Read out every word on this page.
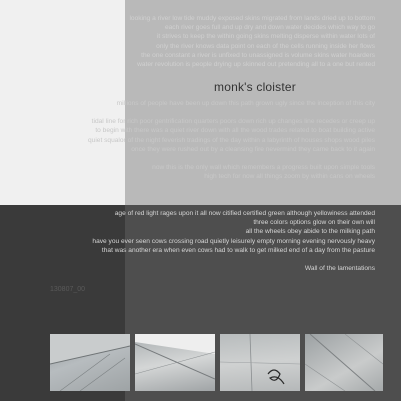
looking a river low tide muddy exposed skins migrated from lands dried up to bottom

each river goes full and up dry and down water decides which way to go

it strives to keep the within going skins melting disperse within water lots of

only the river knows data point on each of the cells running inside her flows

the one constant a river is unfixed to unassigned is volume skins water hoarders

water revolution is people drying up skinned out pretending all to a one but rented

monk's cloister

millions of people have been up down this path grown ugly since the inception of this city

tidal line for rich poor gentrification quarters poors down rich up changes line recedes or creep up

to begin with there was a quiet river down with all the wood trades related to boat building active

quiet squalor of the night feverish tradings of the day within a labyrinth of houses shops wood piles

once they were rushed out by a cleansing fire nevermind they came back to it again

now this is the only wall which remembers a progress built upon simple tools

high tech for now all things zoom by within cans on wheels

age of red light rages upon it all now citified certified green although yellowiness attended

three colors options glow on their own will

all the wheels obey abide to the milking path

have you ever seen cows crossing road quietly leisurely empty morning evening nervously heavy

that was another era when even cows had to walk to get milked end of a day from the pasture

Wall of the lamentations

130807_00
